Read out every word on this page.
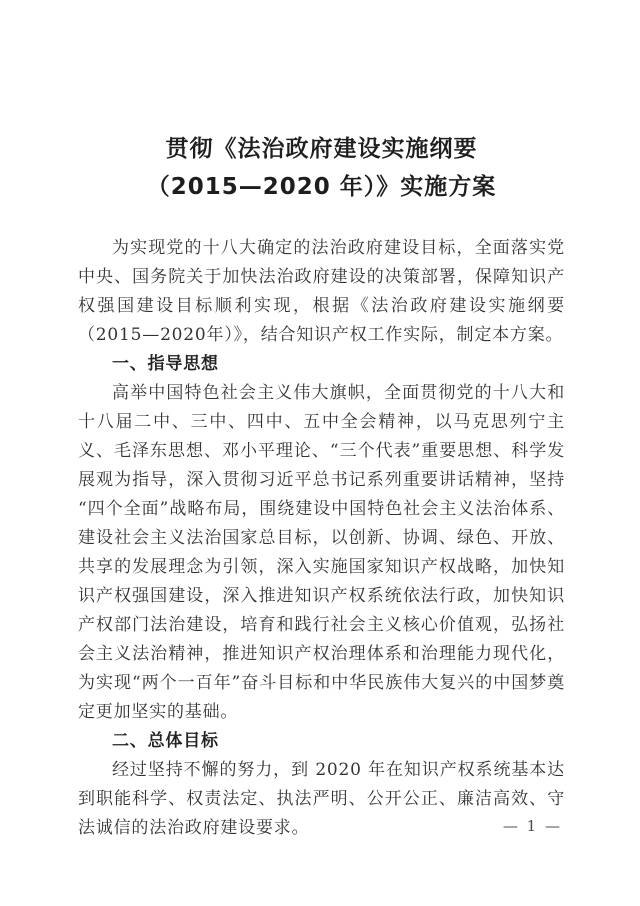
贯彻《法治政府建设实施纲要
（2015—2020 年）》实施方案

为实现党的十八大确定的法治政府建设目标，全面落实党中央、国务院关于加快法治政府建设的决策部署，保障知识产权强国建设目标顺利实现，根据《法治政府建设实施纲要（2015—2020年）》，结合知识产权工作实际，制定本方案。

一、指导思想

高举中国特色社会主义伟大旗帜，全面贯彻党的十八大和十八届二中、三中、四中、五中全会精神，以马克思列宁主义、毛泽东思想、邓小平理论、“三个代表”重要思想、科学发展观为指导，深入贯彻习近平总书记系列重要讲话精神，坚持“四个全面”战略布局，围绕建设中国特色社会主义法治体系、建设社会主义法治国家总目标，以创新、协调、绿色、开放、共享的发展理念为引领，深入实施国家知识产权战略，加快知识产权强国建设，深入推进知识产权系统依法行政，加快知识产权部门法治建设，培育和践行社会主义核心价值观，弘扬社会主义法治精神，推进知识产权治理体系和治理能力现代化，为实现“两个一百年”奋斗目标和中华民族伟大复兴的中国梦奠定更加坚实的基础。

二、总体目标

经过坚持不懈的努力，到 2020 年在知识产权系统基本达到职能科学、权责法定、执法严明、公开公正、廉洁高效、守法诚信的法治政府建设要求。	— 1 —
